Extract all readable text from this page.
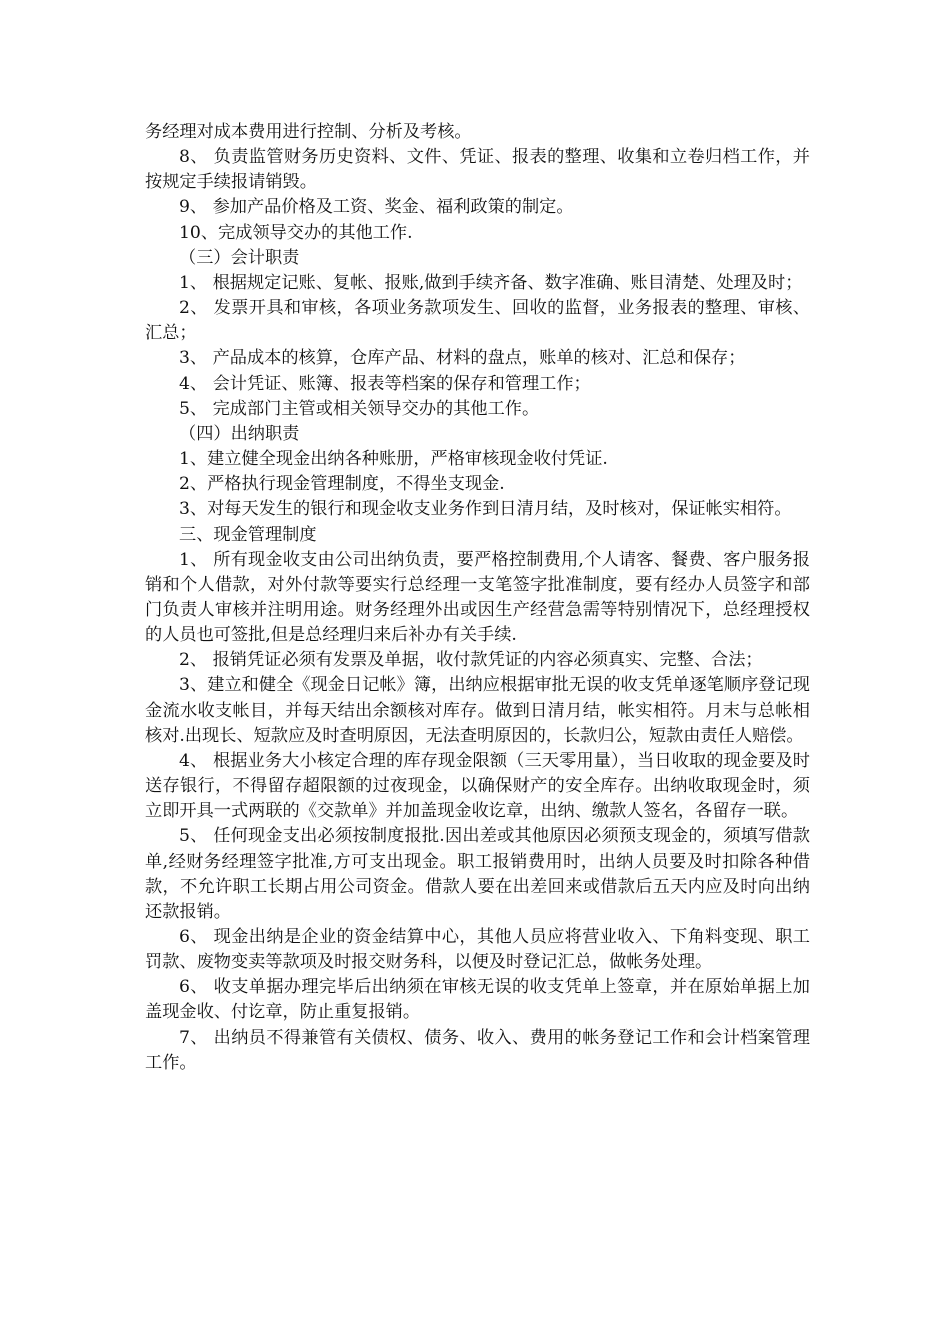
务经理对成本费用进行控制、分析及考核。

8、 负责监管财务历史资料、文件、凭证、报表的整理、收集和立卷归档工作，并按规定手续报请销毁。

9、 参加产品价格及工资、奖金、福利政策的制定。

10、完成领导交办的其他工作.

（三）会计职责

1、 根据规定记账、复帐、报账,做到手续齐备、数字准确、账目清楚、处理及时；

2、 发票开具和审核，各项业务款项发生、回收的监督，业务报表的整理、审核、汇总；

3、 产品成本的核算，仓库产品、材料的盘点，账单的核对、汇总和保存；

4、 会计凭证、账簿、报表等档案的保存和管理工作；

5、 完成部门主管或相关领导交办的其他工作。

（四）出纳职责

1、建立健全现金出纳各种账册，严格审核现金收付凭证.

2、严格执行现金管理制度，不得坐支现金.

3、对每天发生的银行和现金收支业务作到日清月结，及时核对，保证帐实相符。

三、现金管理制度

1、 所有现金收支由公司出纳负责，要严格控制费用,个人请客、餐费、客户服务报销和个人借款，对外付款等要实行总经理一支笔签字批准制度，要有经办人员签字和部门负责人审核并注明用途。财务经理外出或因生产经营急需等特别情况下，总经理授权的人员也可签批,但是总经理归来后补办有关手续.

2、 报销凭证必须有发票及单据，收付款凭证的内容必须真实、完整、合法；

3、建立和健全《现金日记帐》簿，出纳应根据审批无误的收支凭单逐笔顺序登记现金流水收支帐目，并每天结出余额核对库存。做到日清月结，帐实相符。月末与总帐相核对.出现长、短款应及时查明原因，无法查明原因的，长款归公，短款由责任人赔偿。

4、 根据业务大小核定合理的库存现金限额（三天零用量），当日收取的现金要及时送存银行，不得留存超限额的过夜现金，以确保财产的安全库存。出纳收取现金时，须立即开具一式两联的《交款单》并加盖现金收讫章，出纳、缴款人签名，各留存一联。

5、 任何现金支出必须按制度报批.因出差或其他原因必须预支现金的，须填写借款单,经财务经理签字批准,方可支出现金。职工报销费用时，出纳人员要及时扣除各种借款，不允许职工长期占用公司资金。借款人要在出差回来或借款后五天内应及时向出纳还款报销。

6、 现金出纳是企业的资金结算中心，其他人员应将营业收入、下角料变现、职工罚款、废物变卖等款项及时报交财务科，以便及时登记汇总，做帐务处理。

6、 收支单据办理完毕后出纳须在审核无误的收支凭单上签章，并在原始单据上加盖现金收、付讫章，防止重复报销。

7、 出纳员不得兼管有关债权、债务、收入、费用的帐务登记工作和会计档案管理工作。
